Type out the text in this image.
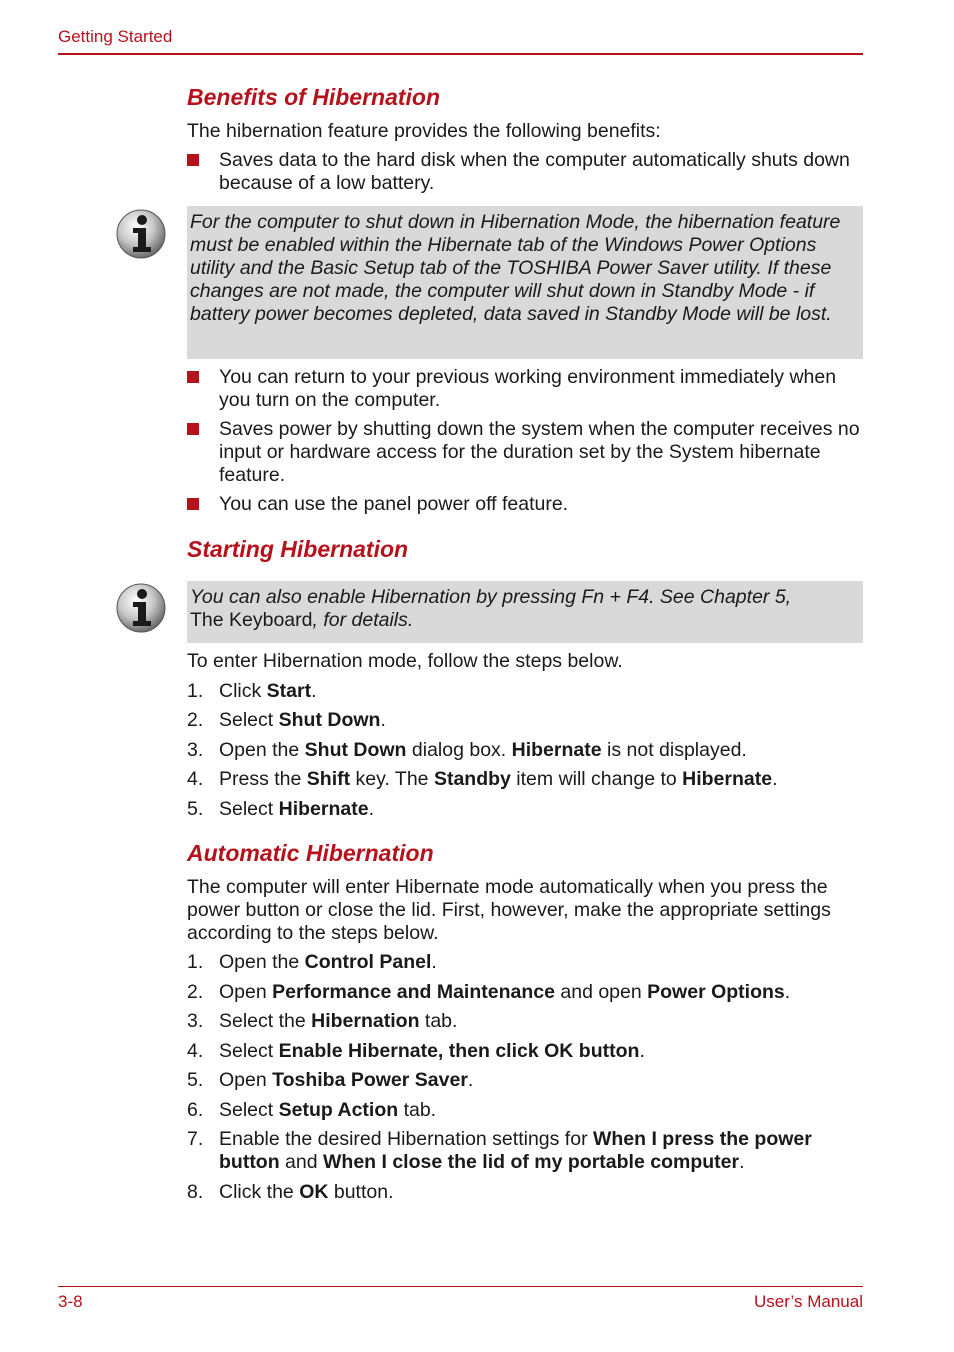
Getting Started
Benefits of Hibernation

The hibernation feature provides the following benefits:

Saves data to the hard disk when the computer automatically shuts down because of a low battery.
For the computer to shut down in Hibernation Mode, the hibernation feature must be enabled within the Hibernate tab of the Windows Power Options utility and the Basic Setup tab of the TOSHIBA Power Saver utility. If these changes are not made, the computer will shut down in Standby Mode - if battery power becomes depleted, data saved in Standby Mode will be lost.
You can return to your previous working environment immediately when you turn on the computer.
Saves power by shutting down the system when the computer receives no input or hardware access for the duration set by the System hibernate feature.
You can use the panel power off feature.
Starting Hibernation
You can also enable Hibernation by pressing Fn + F4. See Chapter 5,
The Keyboard, for details.

To enter Hibernation mode, follow the steps below.

1. Click Start.
2. Select Shut Down.
3. Open the Shut Down dialog box. Hibernate is not displayed.
4. Press the Shift key. The Standby item will change to Hibernate.
5. Select Hibernate.
Automatic Hibernation

The computer will enter Hibernate mode automatically when you press the power button or close the lid. First, however, make the appropriate settings according to the steps below.

1. Open the Control Panel.
2. Open Performance and Maintenance and open Power Options.
3. Select the Hibernation tab.
4. Select Enable Hibernate, then click OK button.
5. Open Toshiba Power Saver.
6. Select Setup Action tab.
7. Enable the desired Hibernation settings for When I press the power button and When I close the lid of my portable computer.
8. Click the OK button.
3-8	User’s Manual
